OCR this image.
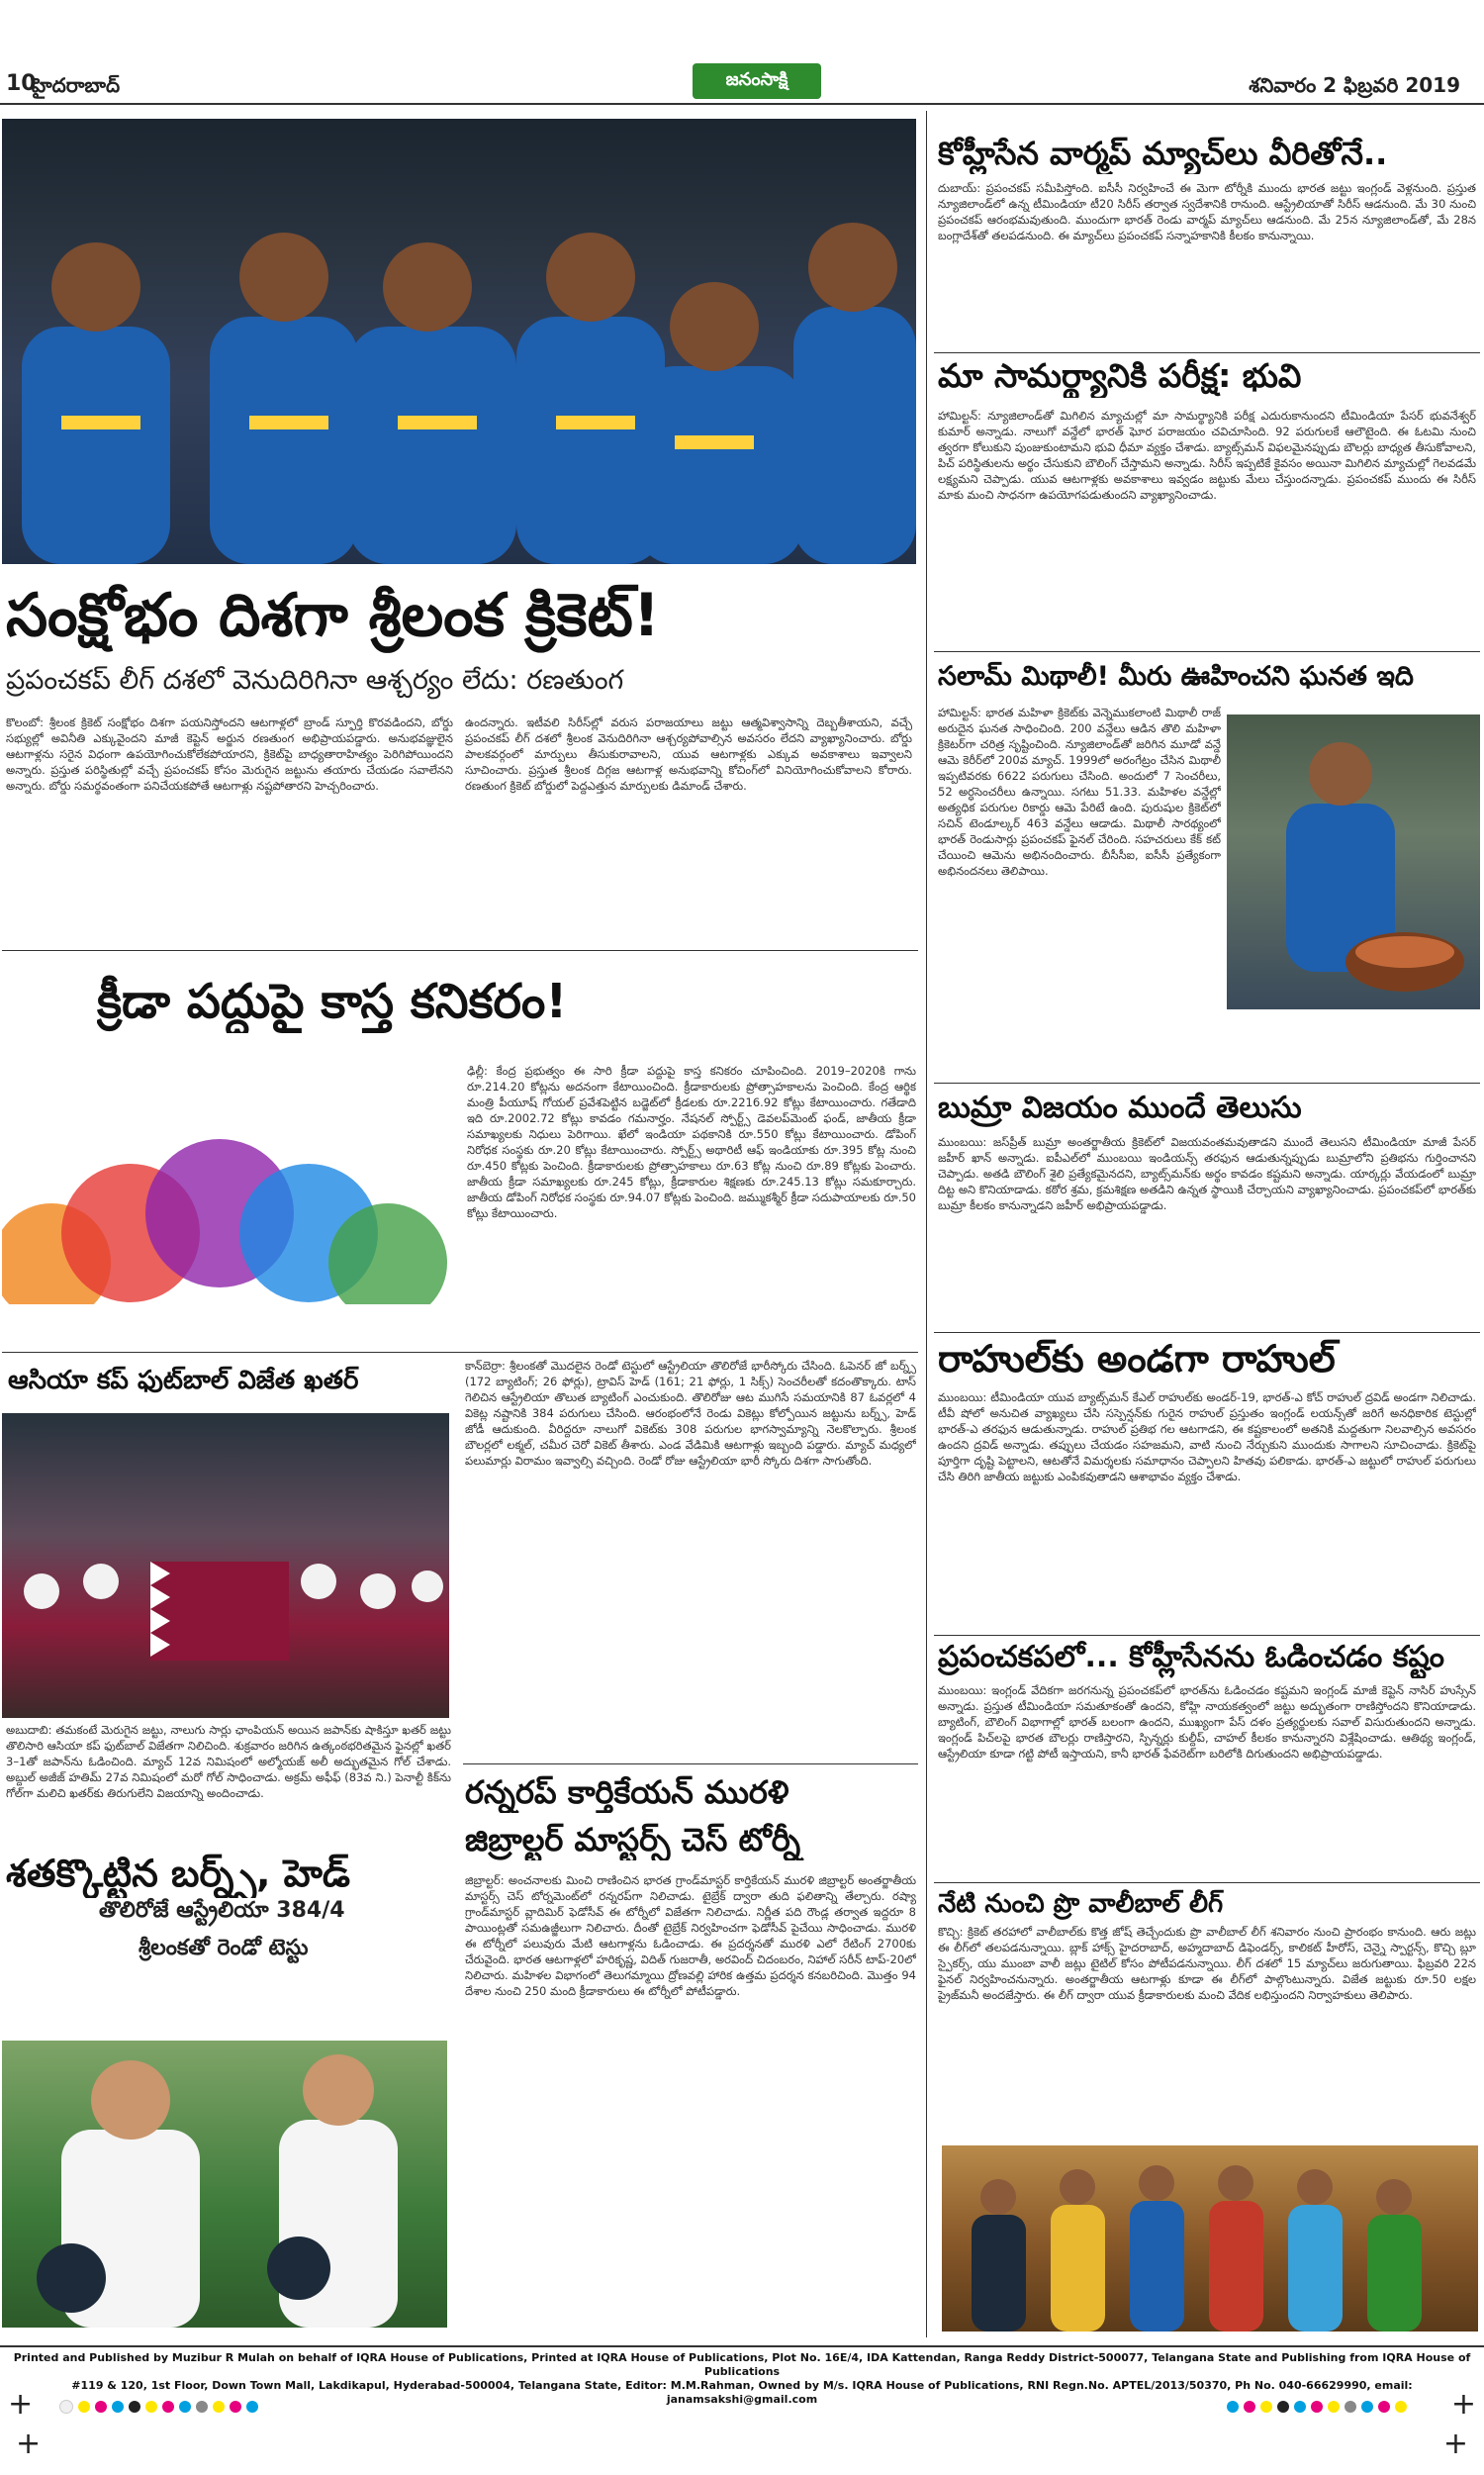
10
హైదరాబాద్	జనంసాక్షి	శనివారం 2 ఫిబ్రవరి 2019
సంక్షోభం దిశగా శ్రీలంక క్రికెట్!
ప్రపంచకప్ లీగ్ దశలో వెనుదిరిగినా ఆశ్చర్యం లేదు: రణతుంగ
కొలంబో: శ్రీలంక క్రికెట్ సంక్షోభం దిశగా పయనిస్తోందని ఆటగాళ్లలో బ్రాండ్ స్ఫూర్తి కొరవడిందని, బోర్డు సభ్యుల్లో అవినీతి ఎక్కువైందని మాజీ కెప్టెన్ అర్జున రణతుంగ అభిప్రాయపడ్డారు. అనుభవజ్ఞులైన ఆటగాళ్లను సరైన విధంగా ఉపయోగించుకోలేకపోయారని, క్రికెట్‌పై బాధ్యతారాహిత్యం పెరిగిపోయిందని అన్నారు. ప్రస్తుత పరిస్థితుల్లో వచ్చే ప్రపంచకప్ కోసం మెరుగైన జట్టును తయారు చేయడం సవాలేనని అన్నారు. బోర్డు సమర్థవంతంగా పనిచేయకపోతే ఆటగాళ్లు నష్టపోతారని హెచ్చరించారు.
ఉందన్నారు. ఇటీవలి సిరీస్‌ల్లో వరుస పరాజయాలు జట్టు ఆత్మవిశ్వాసాన్ని దెబ్బతీశాయని, వచ్చే ప్రపంచకప్ లీగ్ దశలో శ్రీలంక వెనుదిరిగినా ఆశ్చర్యపోవాల్సిన అవసరం లేదని వ్యాఖ్యానించారు. బోర్డు పాలకవర్గంలో మార్పులు తీసుకురావాలని, యువ ఆటగాళ్లకు ఎక్కువ అవకాశాలు ఇవ్వాలని సూచించారు. ప్రస్తుత శ్రీలంక దిగ్గజ ఆటగాళ్ల అనుభవాన్ని కోచింగ్‌లో వినియోగించుకోవాలని కోరారు. రణతుంగ క్రికెట్ బోర్డులో పెద్దఎత్తున మార్పులకు డిమాండ్ చేశారు.
క్రీడా పద్దుపై కాస్త కనికరం!
ఢిల్లీ: కేంద్ర ప్రభుత్వం ఈ సారి క్రీడా పద్దుపై కాస్త కనికరం చూపించింది. 2019–2020కి గాను రూ.214.20 కోట్లను అదనంగా కేటాయించింది. క్రీడాకారులకు ప్రోత్సాహకాలను పెంచింది. కేంద్ర ఆర్థిక మంత్రి పీయూష్ గోయల్ ప్రవేశపెట్టిన బడ్జెట్‌లో క్రీడలకు రూ.2216.92 కోట్లు కేటాయించారు. గతేడాది ఇది రూ.2002.72 కోట్లు కావడం గమనార్హం. నేషనల్ స్పోర్ట్స్ డెవలప్‌మెంట్ ఫండ్, జాతీయ క్రీడా సమాఖ్యలకు నిధులు పెరిగాయి. ఖేలో ఇండియా పథకానికి రూ.550 కోట్లు కేటాయించారు. డోపింగ్ నిరోధక సంస్థకు రూ.20 కోట్లు కేటాయించారు. స్పోర్ట్స్ అథారిటీ ఆఫ్ ఇండియాకు రూ.395 కోట్ల నుంచి రూ.450 కోట్లకు పెంచింది. క్రీడాకారులకు ప్రోత్సాహకాలు రూ.63 కోట్ల నుంచి రూ.89 కోట్లకు పెంచారు. జాతీయ క్రీడా సమాఖ్యలకు రూ.245 కోట్లు, క్రీడాకారుల శిక్షణకు రూ.245.13 కోట్లు సమకూర్చారు. జాతీయ డోపింగ్ నిరోధక సంస్థకు రూ.94.07 కోట్లకు పెంచింది. జమ్ముకశ్మీర్ క్రీడా సదుపాయాలకు రూ.50 కోట్లు కేటాయించారు.
ఆసియా కప్ ఫుట్‌బాల్ విజేత ఖతర్
అబుదాబి: తమకంటే మెరుగైన జట్టు, నాలుగు సార్లు ఛాంపియన్ అయిన జపాన్‌కు షాకిస్తూ ఖతర్ జట్టు తొలిసారి ఆసియా కప్ ఫుట్‌బాల్ విజేతగా నిలిచింది. శుక్రవారం జరిగిన ఉత్కంఠభరితమైన ఫైనల్లో ఖతర్ 3–1తో జపాన్‌ను ఓడించింది. మ్యాచ్ 12వ నిమిషంలో అల్మోయజ్ అలీ అద్భుతమైన గోల్ చేశాడు. అబ్దుల్ అజీజ్ హతిమ్ 27వ నిమిషంలో మరో గోల్ సాధించాడు. అక్రమ్ అఫీఫ్ (83వ ని.) పెనాల్టీ కిక్‌ను గోల్‌గా మలిచి ఖతర్‌కు తిరుగులేని విజయాన్ని అందించాడు.
శతక్కొట్టిన బర్న్స్, హెడ్
తొలిరోజే ఆస్ట్రేలియా 384/4
శ్రీలంకతో రెండో టెస్టు
కాన్‌బెర్రా: శ్రీలంకతో మొదలైన రెండో టెస్టులో ఆస్ట్రేలియా తొలిరోజే భారీస్కోరు చేసింది. ఓపెనర్ జో బర్న్స్ (172 బ్యాటింగ్; 26 ఫోర్లు), ట్రావిస్ హెడ్ (161; 21 ఫోర్లు, 1 సిక్స్) సెంచరీలతో కదంతొక్కారు. టాస్ గెలిచిన ఆస్ట్రేలియా తొలుత బ్యాటింగ్ ఎంచుకుంది. తొలిరోజు ఆట ముగిసే సమయానికి 87 ఓవర్లలో 4 వికెట్ల నష్టానికి 384 పరుగులు చేసింది. ఆరంభంలోనే రెండు వికెట్లు కోల్పోయిన జట్టును బర్న్స్, హెడ్ జోడీ ఆదుకుంది. వీరిద్దరూ నాలుగో వికెట్‌కు 308 పరుగుల భాగస్వామ్యాన్ని నెలకొల్పారు. శ్రీలంక బౌలర్లలో లక్మల్, చమీర చెరో వికెట్ తీశారు. ఎండ వేడిమికి ఆటగాళ్లు ఇబ్బంది పడ్డారు. మ్యాచ్ మధ్యలో పలుమార్లు విరామం ఇవ్వాల్సి వచ్చింది. రెండో రోజు ఆస్ట్రేలియా భారీ స్కోరు దిశగా సాగుతోంది.
రన్నరప్ కార్తికేయన్ మురళి
జిబ్రాల్టర్ మాస్టర్స్ చెస్ టోర్నీ
జిబ్రాల్టర్: అంచనాలకు మించి రాణించిన భారత గ్రాండ్‌మాస్టర్ కార్తికేయన్ మురళి జిబ్రాల్టర్ అంతర్జాతీయ మాస్టర్స్ చెస్ టోర్నమెంట్‌లో రన్నరప్‌గా నిలిచాడు. టైబ్రేక్ ద్వారా తుది ఫలితాన్ని తేల్చారు. రష్యా గ్రాండ్‌మాస్టర్ వ్లాదిమిర్ ఫెడోసీవ్ ఈ టోర్నీలో విజేతగా నిలిచాడు. నిర్ణీత పది రౌండ్ల తర్వాత ఇద్దరూ 8 పాయింట్లతో సమఉజ్జీలుగా నిలిచారు. దీంతో టైబ్రేక్ నిర్వహించగా ఫెడోసీవ్ పైచేయి సాధించాడు. మురళి ఈ టోర్నీలో పలువురు మేటి ఆటగాళ్లను ఓడించాడు. ఈ ప్రదర్శనతో మురళి ఎలో రేటింగ్ 2700కు చేరువైంది. భారత ఆటగాళ్లలో హరికృష్ణ, విదిత్ గుజరాతీ, అరవింద్ చిదంబరం, నిహాల్ సరీన్ టాప్-20లో నిలిచారు. మహిళల విభాగంలో తెలుగమ్మాయి ద్రోణవల్లి హారిక ఉత్తమ ప్రదర్శన కనబరిచింది. మొత్తం 94 దేశాల నుంచి 250 మంది క్రీడాకారులు ఈ టోర్నీలో పోటీపడ్డారు.
కోహ్లీసేన వార్మప్ మ్యాచ్‌లు వీరితోనే..
దుబాయ్: ప్రపంచకప్ సమీపిస్తోంది. ఐసీసీ నిర్వహించే ఈ మెగా టోర్నీకి ముందు భారత జట్టు ఇంగ్లండ్ వెళ్లనుంది. ప్రస్తుత న్యూజిలాండ్‌లో ఉన్న టీమిండియా టీ20 సిరీస్ తర్వాత స్వదేశానికి రానుంది. ఆస్ట్రేలియాతో సిరీస్ ఆడనుంది. మే 30 నుంచి ప్రపంచకప్ ఆరంభమవుతుంది. ముందుగా భారత్ రెండు వార్మప్ మ్యాచ్‌లు ఆడనుంది. మే 25న న్యూజిలాండ్‌తో, మే 28న బంగ్లాదేశ్‌తో తలపడనుంది. ఈ మ్యాచ్‌లు ప్రపంచకప్ సన్నాహకానికి కీలకం కానున్నాయి.
మా సామర్థ్యానికి పరీక్ష: భువి
హామిల్టన్: న్యూజిలాండ్‌తో మిగిలిన మ్యాచుల్లో మా సామర్థ్యానికి పరీక్ష ఎదురుకానుందని టీమిండియా పేసర్ భువనేశ్వర్ కుమార్ అన్నాడు. నాలుగో వన్డేలో భారత్ ఘోర పరాజయం చవిచూసింది. 92 పరుగులకే ఆలౌటైంది. ఈ ఓటమి నుంచి త్వరగా కోలుకుని పుంజుకుంటామని భువి ధీమా వ్యక్తం చేశాడు. బ్యాట్స్‌మన్ విఫలమైనప్పుడు బౌలర్లు బాధ్యత తీసుకోవాలని, పిచ్ పరిస్థితులను అర్థం చేసుకుని బౌలింగ్ చేస్తామని అన్నాడు. సిరీస్ ఇప్పటికే కైవసం అయినా మిగిలిన మ్యాచుల్లో గెలవడమే లక్ష్యమని చెప్పాడు. యువ ఆటగాళ్లకు అవకాశాలు ఇవ్వడం జట్టుకు మేలు చేస్తుందన్నాడు. ప్రపంచకప్ ముందు ఈ సిరీస్ మాకు మంచి సాధనగా ఉపయోగపడుతుందని వ్యాఖ్యానించాడు.
సలామ్ మిథాలీ! మీరు ఊహించని ఘనత ఇది
హామిల్టన్: భారత మహిళా క్రికెట్‌కు వెన్నెముకలాంటి మిథాలీ రాజ్ అరుదైన ఘనత సాధించింది. 200 వన్డేలు ఆడిన తొలి మహిళా క్రికెటర్‌గా చరిత్ర సృష్టించింది. న్యూజిలాండ్‌తో జరిగిన మూడో వన్డే ఆమె కెరీర్‌లో 200వ మ్యాచ్. 1999లో అరంగేట్రం చేసిన మిథాలీ ఇప్పటివరకు 6622 పరుగులు చేసింది. అందులో 7 సెంచరీలు, 52 అర్ధసెంచరీలు ఉన్నాయి. సగటు 51.33. మహిళల వన్డేల్లో అత్యధిక పరుగుల రికార్డు ఆమె పేరిటే ఉంది. పురుషుల క్రికెట్‌లో సచిన్ టెండూల్కర్ 463 వన్డేలు ఆడాడు. మిథాలీ సారథ్యంలో భారత్ రెండుసార్లు ప్రపంచకప్ ఫైనల్ చేరింది. సహచరులు కేక్ కట్ చేయించి ఆమెను అభినందించారు. బీసీసీఐ, ఐసీసీ ప్రత్యేకంగా అభినందనలు తెలిపాయి.
బుమ్రా విజయం ముందే తెలుసు
ముంబయి: జస్‌ప్రీత్ బుమ్రా అంతర్జాతీయ క్రికెట్‌లో విజయవంతమవుతాడని ముందే తెలుసని టీమిండియా మాజీ పేసర్ జహీర్ ఖాన్ అన్నాడు. ఐపీఎల్‌లో ముంబయి ఇండియన్స్ తరఫున ఆడుతున్నప్పుడు బుమ్రాలోని ప్రతిభను గుర్తించానని చెప్పాడు. అతడి బౌలింగ్ శైలి ప్రత్యేకమైనదని, బ్యాట్స్‌మన్‌కు అర్థం కావడం కష్టమని అన్నాడు. యార్కర్లు వేయడంలో బుమ్రా దిట్ట అని కొనియాడాడు. కఠోర శ్రమ, క్రమశిక్షణ అతడిని ఉన్నత స్థాయికి చేర్చాయని వ్యాఖ్యానించాడు. ప్రపంచకప్‌లో భారత్‌కు బుమ్రా కీలకం కానున్నాడని జహీర్ అభిప్రాయపడ్డాడు.
రాహుల్‌కు అండగా రాహుల్
ముంబయి: టీమిండియా యువ బ్యాట్స్‌మన్ కేఎల్ రాహుల్‌కు అండర్-19, భారత్-ఎ కోచ్ రాహుల్ ద్రవిడ్ అండగా నిలిచాడు. టీవీ షోలో అనుచిత వ్యాఖ్యలు చేసి సస్పెన్షన్‌కు గురైన రాహుల్ ప్రస్తుతం ఇంగ్లండ్ లయన్స్‌తో జరిగే అనధికారిక టెస్టుల్లో భారత్-ఎ తరఫున ఆడుతున్నాడు. రాహుల్ ప్రతిభ గల ఆటగాడని, ఈ కష్టకాలంలో అతనికి మద్దతుగా నిలవాల్సిన అవసరం ఉందని ద్రవిడ్ అన్నాడు. తప్పులు చేయడం సహజమని, వాటి నుంచి నేర్చుకుని ముందుకు సాగాలని సూచించాడు. క్రికెట్‌పై పూర్తిగా దృష్టి పెట్టాలని, ఆటతోనే విమర్శలకు సమాధానం చెప్పాలని హితవు పలికాడు. భారత్-ఎ జట్టులో రాహుల్ పరుగులు చేసి తిరిగి జాతీయ జట్టుకు ఎంపికవుతాడని ఆశాభావం వ్యక్తం చేశాడు.
ప్రపంచకపలో... కోహ్లీసేనను ఓడించడం కష్టం
ముంబయి: ఇంగ్లండ్ వేదికగా జరగనున్న ప్రపంచకప్‌లో భారత్‌ను ఓడించడం కష్టమని ఇంగ్లండ్ మాజీ కెప్టెన్ నాసిర్ హుస్సేన్ అన్నాడు. ప్రస్తుత టీమిండియా సమతూకంతో ఉందని, కోహ్లి నాయకత్వంలో జట్టు అద్భుతంగా రాణిస్తోందని కొనియాడాడు. బ్యాటింగ్, బౌలింగ్ విభాగాల్లో భారత్ బలంగా ఉందని, ముఖ్యంగా పేస్ దళం ప్రత్యర్థులకు సవాల్ విసురుతుందని అన్నాడు. ఇంగ్లండ్ పిచ్‌లపై భారత బౌలర్లు రాణిస్తారని, స్పిన్నర్లు కుల్దీప్, చాహల్ కీలకం కానున్నారని విశ్లేషించాడు. ఆతిథ్య ఇంగ్లండ్, ఆస్ట్రేలియా కూడా గట్టి పోటీ ఇస్తాయని, కానీ భారత్ ఫేవరెట్‌గా బరిలోకి దిగుతుందని అభిప్రాయపడ్డాడు.
నేటి నుంచి ప్రొ వాలీబాల్ లీగ్
కొచ్చి: క్రికెట్ తరహాలో వాలీబాల్‌కు కొత్త జోష్ తెచ్చేందుకు ప్రొ వాలీబాల్ లీగ్ శనివారం నుంచి ప్రారంభం కానుంది. ఆరు జట్లు ఈ లీగ్‌లో తలపడనున్నాయి. బ్లాక్ హాక్స్ హైదరాబాద్, అహ్మదాబాద్ డిఫెండర్స్, కాలికట్ హీరోస్, చెన్నై స్పార్టన్స్, కొచ్చి బ్లూ స్పైకర్స్, యు ముంబా వాలీ జట్లు టైటిల్ కోసం పోటీపడనున్నాయి. లీగ్ దశలో 15 మ్యాచ్‌లు జరుగుతాయి. ఫిబ్రవరి 22న ఫైనల్ నిర్వహించనున్నారు. అంతర్జాతీయ ఆటగాళ్లు కూడా ఈ లీగ్‌లో పాల్గొంటున్నారు. విజేత జట్టుకు రూ.50 లక్షల ప్రైజ్‌మనీ అందజేస్తారు. ఈ లీగ్ ద్వారా యువ క్రీడాకారులకు మంచి వేదిక లభిస్తుందని నిర్వాహకులు తెలిపారు.
Printed and Published by Muzibur R Mulah on behalf of IQRA House of Publications, Printed at IQRA House of Publications, Plot No. 16E/4, IDA Kattendan, Ranga Reddy District-500077, Telangana State and Publishing from IQRA House of Publications
#119 & 120, 1st Floor, Down Town Mall, Lakdikapul, Hyderabad-500004, Telangana State, Editor: M.M.Rahman, Owned by M/s. IQRA House of Publications, RNI Regn.No. APTEL/2013/50370, Ph No. 040-66629990, email: janamsakshi@gmail.com
+	+
+	+
